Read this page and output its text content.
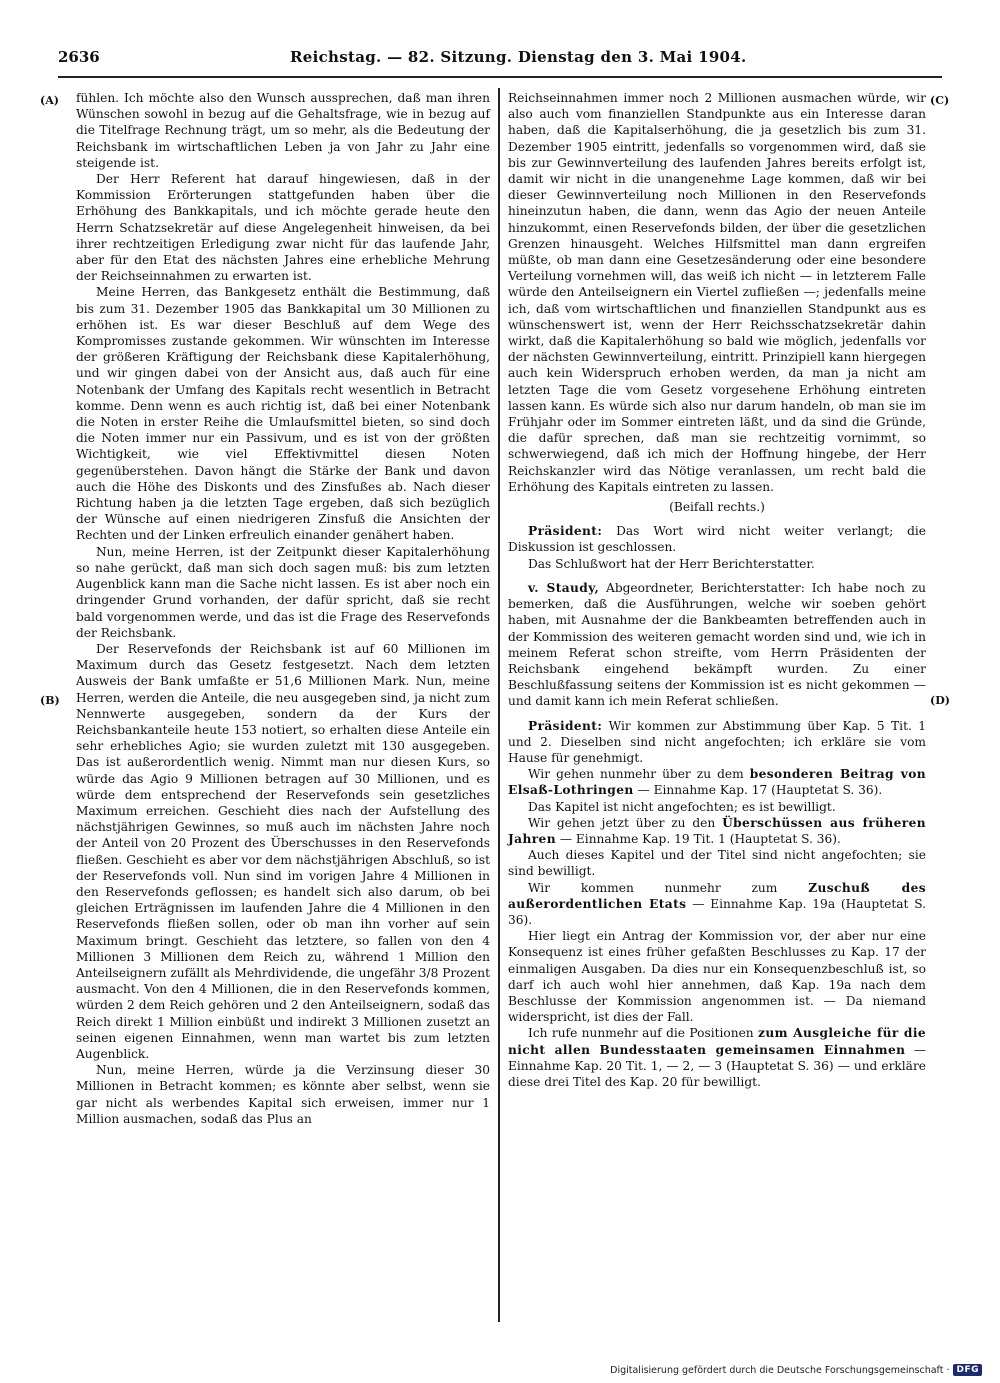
2636	Reichstag. — 82. Sitzung. Dienstag den 3. Mai 1904.
(A)
(B)
(C)
(D)

fühlen. Ich möchte also den Wunsch aussprechen, daß man ihren Wünschen sowohl in bezug auf die Gehaltsfrage, wie in bezug auf die Titelfrage Rechnung trägt, um so mehr, als die Bedeutung der Reichsbank im wirtschaftlichen Leben ja von Jahr zu Jahr eine steigende ist.

Der Herr Referent hat darauf hingewiesen, daß in der Kommission Erörterungen stattgefunden haben über die Erhöhung des Bankkapitals, und ich möchte gerade heute den Herrn Schatzsekretär auf diese Angelegenheit hinweisen, da bei ihrer rechtzeitigen Erledigung zwar nicht für das laufende Jahr, aber für den Etat des nächsten Jahres eine erhebliche Mehrung der Reichseinnahmen zu erwarten ist.

Meine Herren, das Bankgesetz enthält die Bestimmung, daß bis zum 31. Dezember 1905 das Bankkapital um 30 Millionen zu erhöhen ist. Es war dieser Beschluß auf dem Wege des Kompromisses zustande gekommen. Wir wünschten im Interesse der größeren Kräftigung der Reichsbank diese Kapitalerhöhung, und wir gingen dabei von der Ansicht aus, daß auch für eine Notenbank der Umfang des Kapitals recht wesentlich in Betracht komme. Denn wenn es auch richtig ist, daß bei einer Notenbank die Noten in erster Reihe die Umlaufsmittel bieten, so sind doch die Noten immer nur ein Passivum, und es ist von der größten Wichtigkeit, wie viel Effektivmittel diesen Noten gegenüberstehen. Davon hängt die Stärke der Bank und davon auch die Höhe des Diskonts und des Zinsfußes ab. Nach dieser Richtung haben ja die letzten Tage ergeben, daß sich bezüglich der Wünsche auf einen niedrigeren Zinsfuß die Ansichten der Rechten und der Linken erfreulich einander genähert haben.

Nun, meine Herren, ist der Zeitpunkt dieser Kapitalerhöhung so nahe gerückt, daß man sich doch sagen muß: bis zum letzten Augenblick kann man die Sache nicht lassen. Es ist aber noch ein dringender Grund vorhanden, der dafür spricht, daß sie recht bald vorgenommen werde, und das ist die Frage des Reservefonds der Reichsbank.

Der Reservefonds der Reichsbank ist auf 60 Millionen im Maximum durch das Gesetz festgesetzt. Nach dem letzten Ausweis der Bank umfaßte er 51,6 Millionen Mark. Nun, meine Herren, werden die Anteile, die neu ausgegeben sind, ja nicht zum Nennwerte ausgegeben, sondern da der Kurs der Reichsbankanteile heute 153 notiert, so erhalten diese Anteile ein sehr erhebliches Agio; sie wurden zuletzt mit 130 ausgegeben. Das ist außerordentlich wenig. Nimmt man nur diesen Kurs, so würde das Agio 9 Millionen betragen auf 30 Millionen, und es würde dem entsprechend der Reservefonds sein gesetzliches Maximum erreichen. Geschieht dies nach der Aufstellung des nächstjährigen Gewinnes, so muß auch im nächsten Jahre noch der Anteil von 20 Prozent des Überschusses in den Reservefonds fließen. Geschieht es aber vor dem nächstjährigen Abschluß, so ist der Reservefonds voll. Nun sind im vorigen Jahre 4 Millionen in den Reservefonds geflossen; es handelt sich also darum, ob bei gleichen Erträgnissen im laufenden Jahre die 4 Millionen in den Reservefonds fließen sollen, oder ob man ihn vorher auf sein Maximum bringt. Geschieht das letztere, so fallen von den 4 Millionen 3 Millionen dem Reich zu, während 1 Million den Anteilseignern zufällt als Mehrdividende, die ungefähr 3/8 Prozent ausmacht. Von den 4 Millionen, die in den Reservefonds kommen, würden 2 dem Reich gehören und 2 den Anteilseignern, sodaß das Reich direkt 1 Million einbüßt und indirekt 3 Millionen zusetzt an seinen eigenen Einnahmen, wenn man wartet bis zum letzten Augenblick.

Nun, meine Herren, würde ja die Verzinsung dieser 30 Millionen in Betracht kommen; es könnte aber selbst, wenn sie gar nicht als werbendes Kapital sich erweisen, immer nur 1 Million ausmachen, sodaß das Plus an

Reichseinnahmen immer noch 2 Millionen ausmachen würde, wir also auch vom finanziellen Standpunkte aus ein Interesse daran haben, daß die Kapitalserhöhung, die ja gesetzlich bis zum 31. Dezember 1905 eintritt, jedenfalls so vorgenommen wird, daß sie bis zur Gewinnverteilung des laufenden Jahres bereits erfolgt ist, damit wir nicht in die unangenehme Lage kommen, daß wir bei dieser Gewinnverteilung noch Millionen in den Reservefonds hineinzutun haben, die dann, wenn das Agio der neuen Anteile hinzukommt, einen Reservefonds bilden, der über die gesetzlichen Grenzen hinausgeht. Welches Hilfsmittel man dann ergreifen müßte, ob man dann eine Gesetzesänderung oder eine besondere Verteilung vornehmen will, das weiß ich nicht — in letzterem Falle würde den Anteilseignern ein Viertel zufließen —; jedenfalls meine ich, daß vom wirtschaftlichen und finanziellen Standpunkt aus es wünschenswert ist, wenn der Herr Reichsschatzsekretär dahin wirkt, daß die Kapitalerhöhung so bald wie möglich, jedenfalls vor der nächsten Gewinnverteilung, eintritt. Prinzipiell kann hiergegen auch kein Widerspruch erhoben werden, da man ja nicht am letzten Tage die vom Gesetz vorgesehene Erhöhung eintreten lassen kann. Es würde sich also nur darum handeln, ob man sie im Frühjahr oder im Sommer eintreten läßt, und da sind die Gründe, die dafür sprechen, daß man sie rechtzeitig vornimmt, so schwerwiegend, daß ich mich der Hoffnung hingebe, der Herr Reichskanzler wird das Nötige veranlassen, um recht bald die Erhöhung des Kapitals eintreten zu lassen.

(Beifall rechts.)

Präsident: Das Wort wird nicht weiter verlangt; die Diskussion ist geschlossen.

Das Schlußwort hat der Herr Berichterstatter.

v. Staudy, Abgeordneter, Berichterstatter: Ich habe noch zu bemerken, daß die Ausführungen, welche wir soeben gehört haben, mit Ausnahme der die Bankbeamten betreffenden auch in der Kommission des weiteren gemacht worden sind und, wie ich in meinem Referat schon streifte, vom Herrn Präsidenten der Reichsbank eingehend bekämpft wurden. Zu einer Beschlußfassung seitens der Kommission ist es nicht gekommen — und damit kann ich mein Referat schließen.

Präsident: Wir kommen zur Abstimmung über Kap. 5 Tit. 1 und 2. Dieselben sind nicht angefochten; ich erkläre sie vom Hause für genehmigt.

Wir gehen nunmehr über zu dem besonderen Beitrag von Elsaß-Lothringen — Einnahme Kap. 17 (Hauptetat S. 36).

Das Kapitel ist nicht angefochten; es ist bewilligt.

Wir gehen jetzt über zu den Überschüssen aus früheren Jahren — Einnahme Kap. 19 Tit. 1 (Hauptetat S. 36).

Auch dieses Kapitel und der Titel sind nicht angefochten; sie sind bewilligt.

Wir kommen nunmehr zum Zuschuß des außerordentlichen Etats — Einnahme Kap. 19a (Hauptetat S. 36).

Hier liegt ein Antrag der Kommission vor, der aber nur eine Konsequenz ist eines früher gefaßten Beschlusses zu Kap. 17 der einmaligen Ausgaben. Da dies nur ein Konsequenzbeschluß ist, so darf ich auch wohl hier annehmen, daß Kap. 19a nach dem Beschlusse der Kommission angenommen ist. — Da niemand widerspricht, ist dies der Fall.

Ich rufe nunmehr auf die Positionen zum Ausgleiche für die nicht allen Bundesstaaten gemeinsamen Einnahmen — Einnahme Kap. 20 Tit. 1, — 2, — 3 (Hauptetat S. 36) — und erkläre diese drei Titel des Kap. 20 für bewilligt.

Digitalisierung gefördert durch die Deutsche Forschungsgemeinschaft · DFG
